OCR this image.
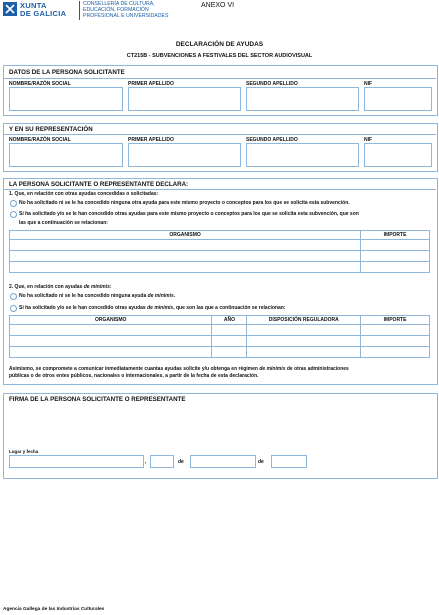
XUNTA
DE GALICIA
CONSELLERÍA DE CULTURA,
EDUCACIÓN, FORMACIÓN
PROFESIONAL E UNIVERSIDADES
ANEXO VI
DECLARACIÓN DE AYUDAS
CT215B - SUBVENCIONES A FESTIVALES DEL SECTOR AUDIOVISUAL
DATOS DE LA PERSONA SOLICITANTE
NOMBRE/RAZÓN SOCIAL	PRIMER APELLIDO	SEGUNDO APELLIDO	NIF
Y EN SU REPRESENTACIÓN
NOMBRE/RAZÓN SOCIAL	PRIMER APELLIDO	SEGUNDO APELLIDO	NIF
LA PERSONA SOLICITANTE O REPRESENTANTE DECLARA:
1. Que, en relación con otras ayudas concedidas o solicitadas:
No ha solicitado ni se le ha concedido ninguna otra ayuda para este mismo proyecto o conceptos para los que se solicita esta subvención.
Sí ha solicitado y/o se le han concedido otras ayudas para este mismo proyecto o conceptos para los que se solicita esta subvención, que son
las que a continuación se relacionan:
ORGANISMO	IMPORTE

2. Que, en relación con ayudas de minimis:
No ha solicitado ni se le ha concedido ninguna ayuda de minimis.
Sí ha solicitado y/o se le han concedido otras ayudas de minimis, que son las que a continuación se relacionan:
ORGANISMO	AÑO	DISPOSICIÓN REGULADORA	IMPORTE

Asimismo, se compromete a comunicar inmediatamente cuantas ayudas solicite y/u obtenga en régimen de minimis de otras administraciones
públicas o de otros entes públicos, nacionales o internacionales, a partir de la fecha de esta declaración.
FIRMA DE LA PERSONA SOLICITANTE O REPRESENTANTE
Lugar y fecha
,	de	de
Agencia Gallega de las Industrias Culturales
